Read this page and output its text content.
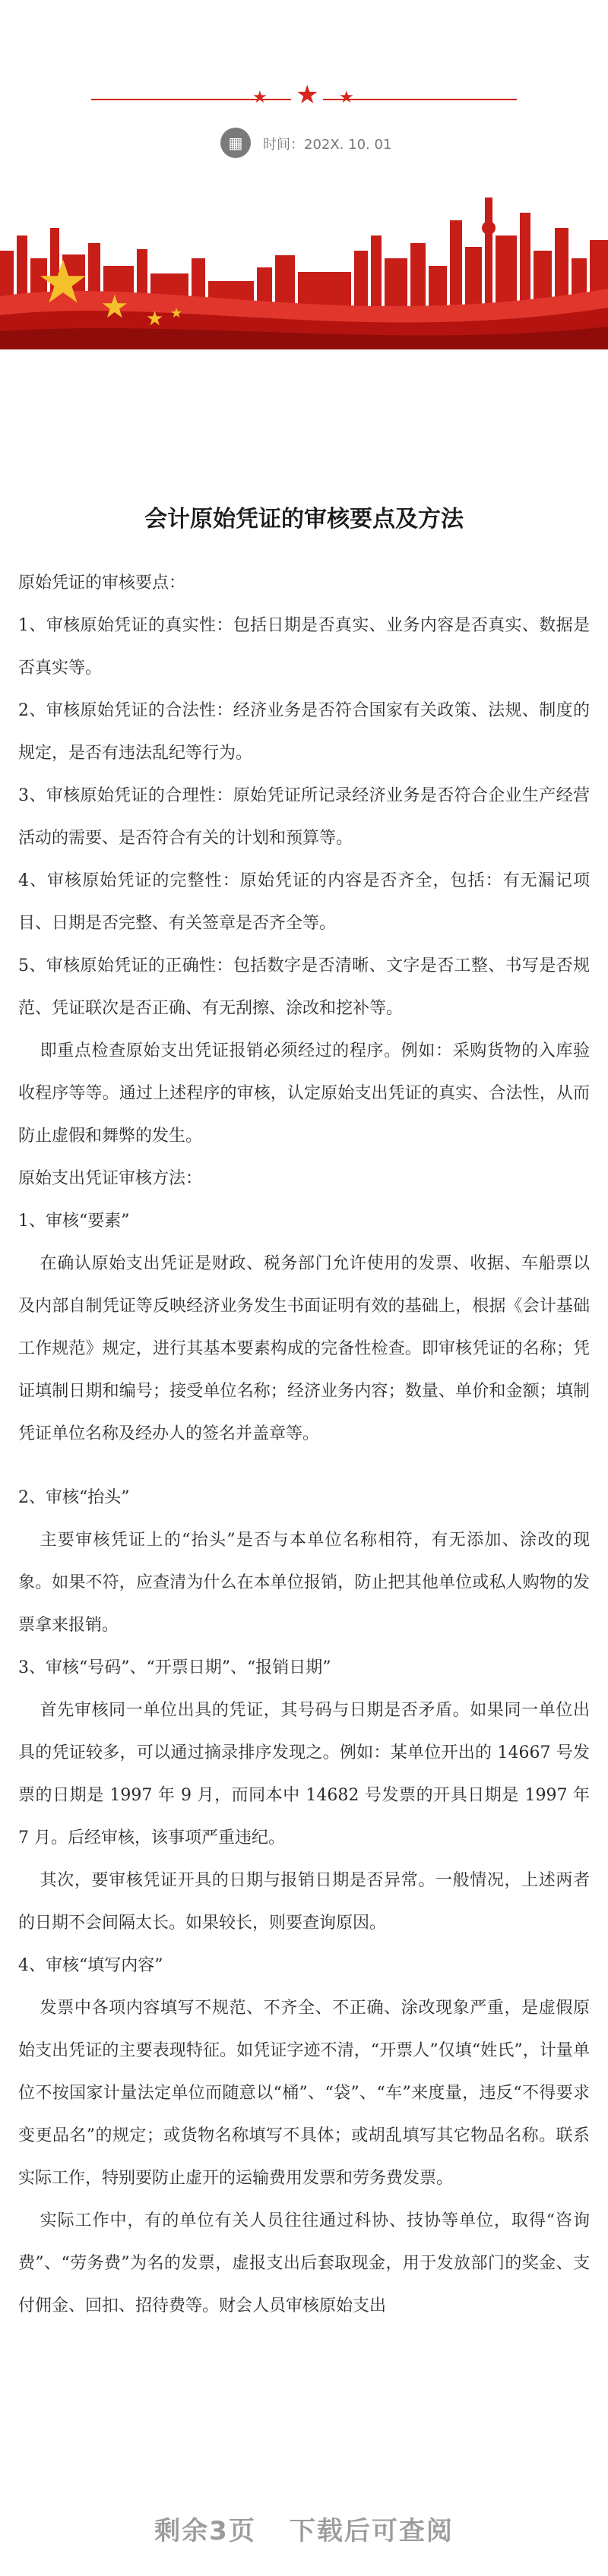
★ ★ ★
▦	时间：202X. 10. 01
★ ★ ★ ★
会计原始凭证的审核要点及方法

原始凭证的审核要点：

1、审核原始凭证的真实性：包括日期是否真实、业务内容是否真实、数据是否真实等。

2、审核原始凭证的合法性：经济业务是否符合国家有关政策、法规、制度的规定，是否有违法乱纪等行为。

3、审核原始凭证的合理性：原始凭证所记录经济业务是否符合企业生产经营活动的需要、是否符合有关的计划和预算等。

4、审核原始凭证的完整性：原始凭证的内容是否齐全，包括：有无漏记项目、日期是否完整、有关签章是否齐全等。

5、审核原始凭证的正确性：包括数字是否清晰、文字是否工整、书写是否规范、凭证联次是否正确、有无刮擦、涂改和挖补等。

即重点检查原始支出凭证报销必须经过的程序。例如：采购货物的入库验收程序等等。通过上述程序的审核，认定原始支出凭证的真实、合法性，从而防止虚假和舞弊的发生。

原始支出凭证审核方法：

1、审核“要素”

在确认原始支出凭证是财政、税务部门允许使用的发票、收据、车船票以及内部自制凭证等反映经济业务发生书面证明有效的基础上，根据《会计基础工作规范》规定，进行其基本要素构成的完备性检查。即审核凭证的名称；凭证填制日期和编号；接受单位名称；经济业务内容；数量、单价和金额；填制凭证单位名称及经办人的签名并盖章等。

2、审核“抬头”

主要审核凭证上的“抬头”是否与本单位名称相符，有无添加、涂改的现象。如果不符，应查清为什么在本单位报销，防止把其他单位或私人购物的发票拿来报销。

3、审核“号码”、“开票日期”、“报销日期”

首先审核同一单位出具的凭证，其号码与日期是否矛盾。如果同一单位出具的凭证较多，可以通过摘录排序发现之。例如：某单位开出的 14667 号发票的日期是 1997 年 9 月，而同本中 14682 号发票的开具日期是 1997 年 7 月。后经审核，该事项严重违纪。

其次，要审核凭证开具的日期与报销日期是否异常。一般情况，上述两者的日期不会间隔太长。如果较长，则要查询原因。

4、审核“填写内容”

发票中各项内容填写不规范、不齐全、不正确、涂改现象严重，是虚假原始支出凭证的主要表现特征。如凭证字迹不清，“开票人”仅填“姓氏”，计量单位不按国家计量法定单位而随意以“桶”、“袋”、“车”来度量，违反“不得要求变更品名”的规定；或货物名称填写不具体；或胡乱填写其它物品名称。联系实际工作，特别要防止虚开的运输费用发票和劳务费发票。

实际工作中，有的单位有关人员往往通过科协、技协等单位，取得“咨询费”、“劳务费”为名的发票，虚报支出后套取现金，用于发放部门的奖金、支付佣金、回扣、招待费等。财会人员审核原始支出

剩余3页 下载后可查阅
